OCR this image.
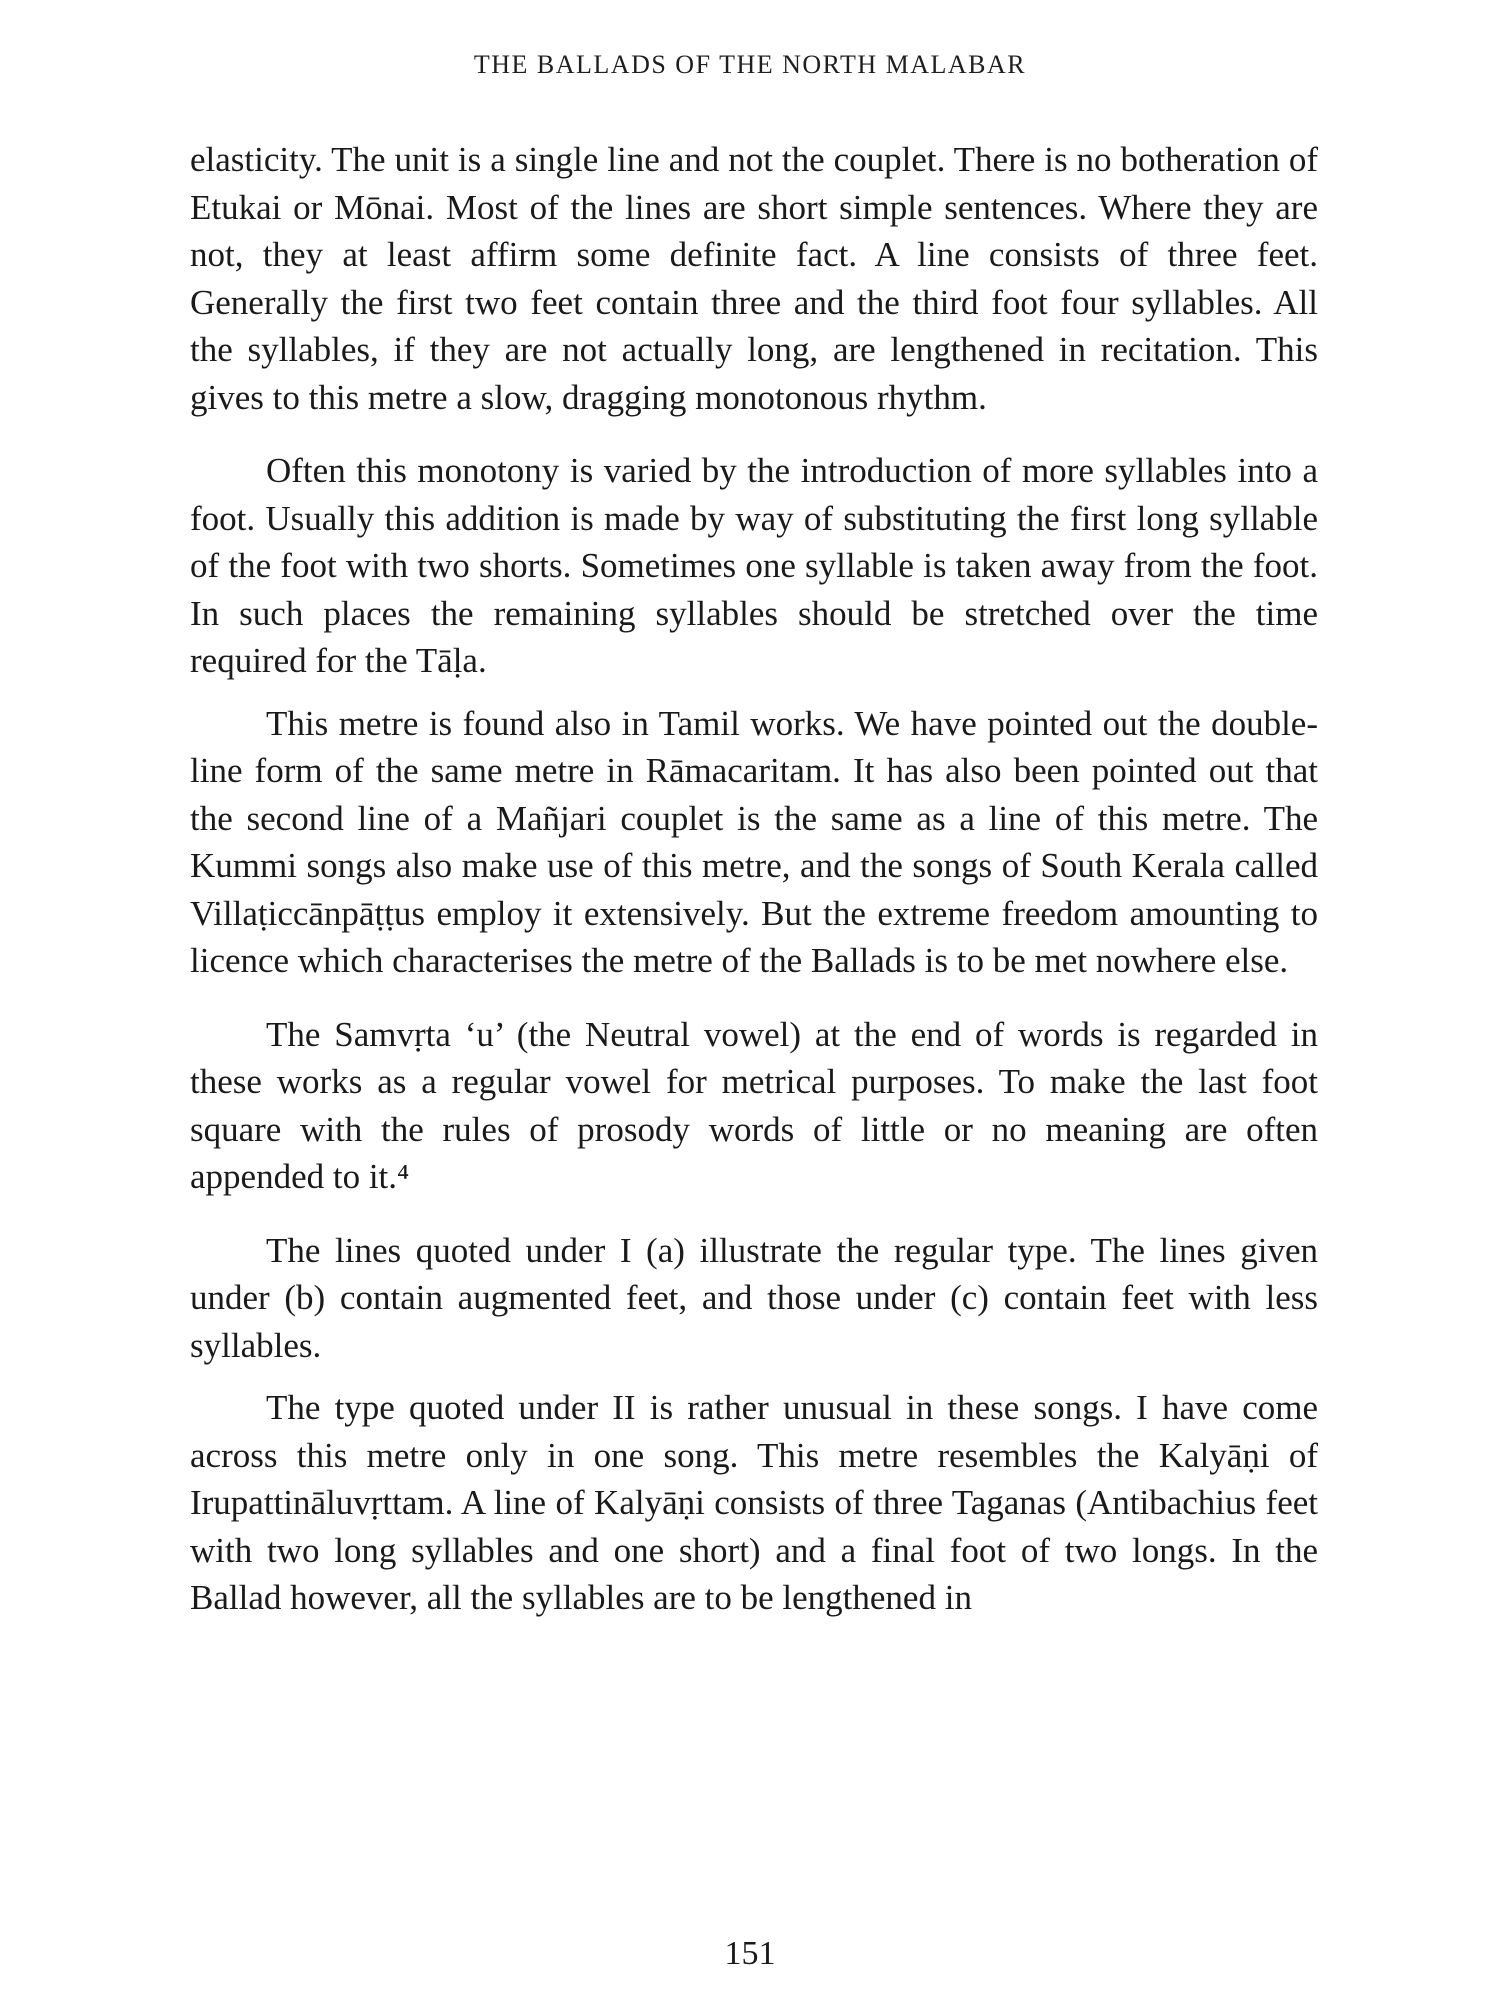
THE BALLADS OF THE NORTH MALABAR

elasticity. The unit is a single line and not the couplet. There is no botheration of Etukai or Mōnai. Most of the lines are short simple sentences. Where they are not, they at least affirm some definite fact. A line consists of three feet. Generally the first two feet contain three and the third foot four syllables. All the syllables, if they are not actually long, are lengthened in recitation. This gives to this metre a slow, dragging monotonous rhythm.

Often this monotony is varied by the introduction of more syllables into a foot. Usually this addition is made by way of substituting the first long syllable of the foot with two shorts. Sometimes one syllable is taken away from the foot. In such places the remaining syllables should be stretched over the time required for the Tāḷa.

This metre is found also in Tamil works. We have pointed out the double-line form of the same metre in Rāmacaritam. It has also been pointed out that the second line of a Mañjari couplet is the same as a line of this metre. The Kummi songs also make use of this metre, and the songs of South Kerala called Villaṭiccānpāṭṭus employ it extensively. But the extreme freedom amounting to licence which characterises the metre of the Ballads is to be met nowhere else.

The Samvṛta ‘u’ (the Neutral vowel) at the end of words is regarded in these works as a regular vowel for metrical purposes. To make the last foot square with the rules of prosody words of little or no meaning are often appended to it.⁴

The lines quoted under I (a) illustrate the regular type. The lines given under (b) contain augmented feet, and those under (c) contain feet with less syllables.

The type quoted under II is rather unusual in these songs. I have come across this metre only in one song. This metre resembles the Kalyāṇi of Irupattināluvṛttam. A line of Kalyāṇi consists of three Taganas (Antibachius feet with two long syllables and one short) and a final foot of two longs. In the Ballad however, all the syllables are to be lengthened in

151
